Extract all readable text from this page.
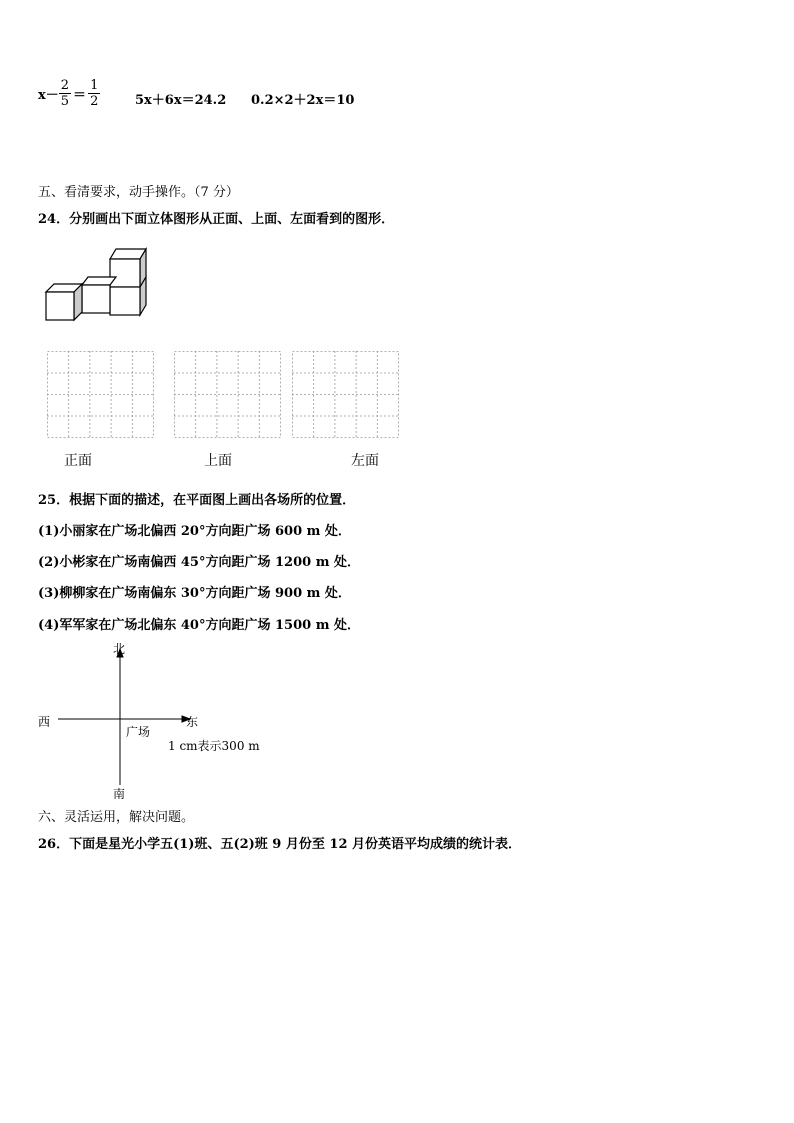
$x- \frac{2}{5} = \frac{1}{2}$	5x＋6x＝24.2 0.2×2＋2x＝10
五、看清要求，动手操作。（7 分）
24．分别画出下面立体图形从正面、上面、左面看到的图形．
正面	上面	左面
25．根据下面的描述，在平面图上画出各场所的位置．
(1)小丽家在广场北偏西 20°方向距广场 600 m 处．
(2)小彬家在广场南偏西 45°方向距广场 1200 m 处．
(3)柳柳家在广场南偏东 30°方向距广场 900 m 处．
(4)军军家在广场北偏东 40°方向距广场 1500 m 处．
北
西	东
广场
1 cm表示300 m
南
六、灵活运用，解决问题。
26．下面是星光小学五(1)班、五(2)班 9 月份至 12 月份英语平均成绩的统计表．
